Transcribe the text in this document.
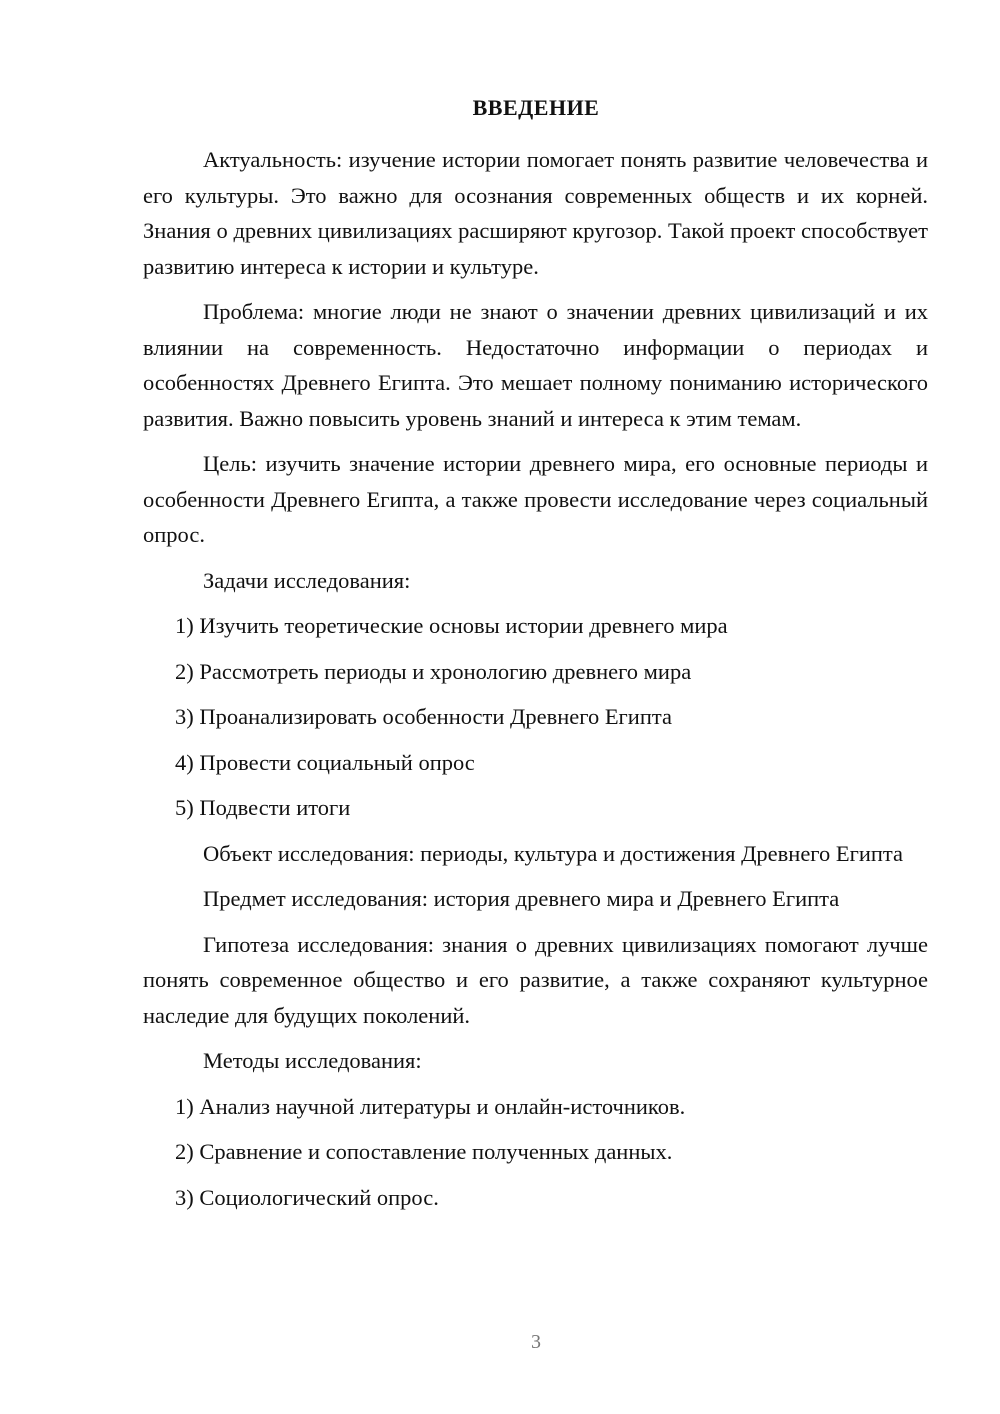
ВВЕДЕНИЕ

Актуальность: изучение истории помогает понять развитие человечества и его культуры. Это важно для осознания современных обществ и их корней. Знания о древних цивилизациях расширяют кругозор. Такой проект способствует развитию интереса к истории и культуре.

Проблема: многие люди не знают о значении древних цивилизаций и их влиянии на современность. Недостаточно информации о периодах и особенностях Древнего Египта. Это мешает полному пониманию исторического развития. Важно повысить уровень знаний и интереса к этим темам.

Цель: изучить значение истории древнего мира, его основные периоды и особенности Древнего Египта, а также провести исследование через социальный опрос.

Задачи исследования:

1) Изучить теоретические основы истории древнего мира
2) Рассмотреть периоды и хронологию древнего мира
3) Проанализировать особенности Древнего Египта
4) Провести социальный опрос
5) Подвести итоги

Объект исследования: периоды, культура и достижения Древнего Египта

Предмет исследования: история древнего мира и Древнего Египта

Гипотеза исследования: знания о древних цивилизациях помогают лучше понять современное общество и его развитие, а также сохраняют культурное наследие для будущих поколений.

Методы исследования:

1) Анализ научной литературы и онлайн-источников.
2) Сравнение и сопоставление полученных данных.
3) Социологический опрос.
3
